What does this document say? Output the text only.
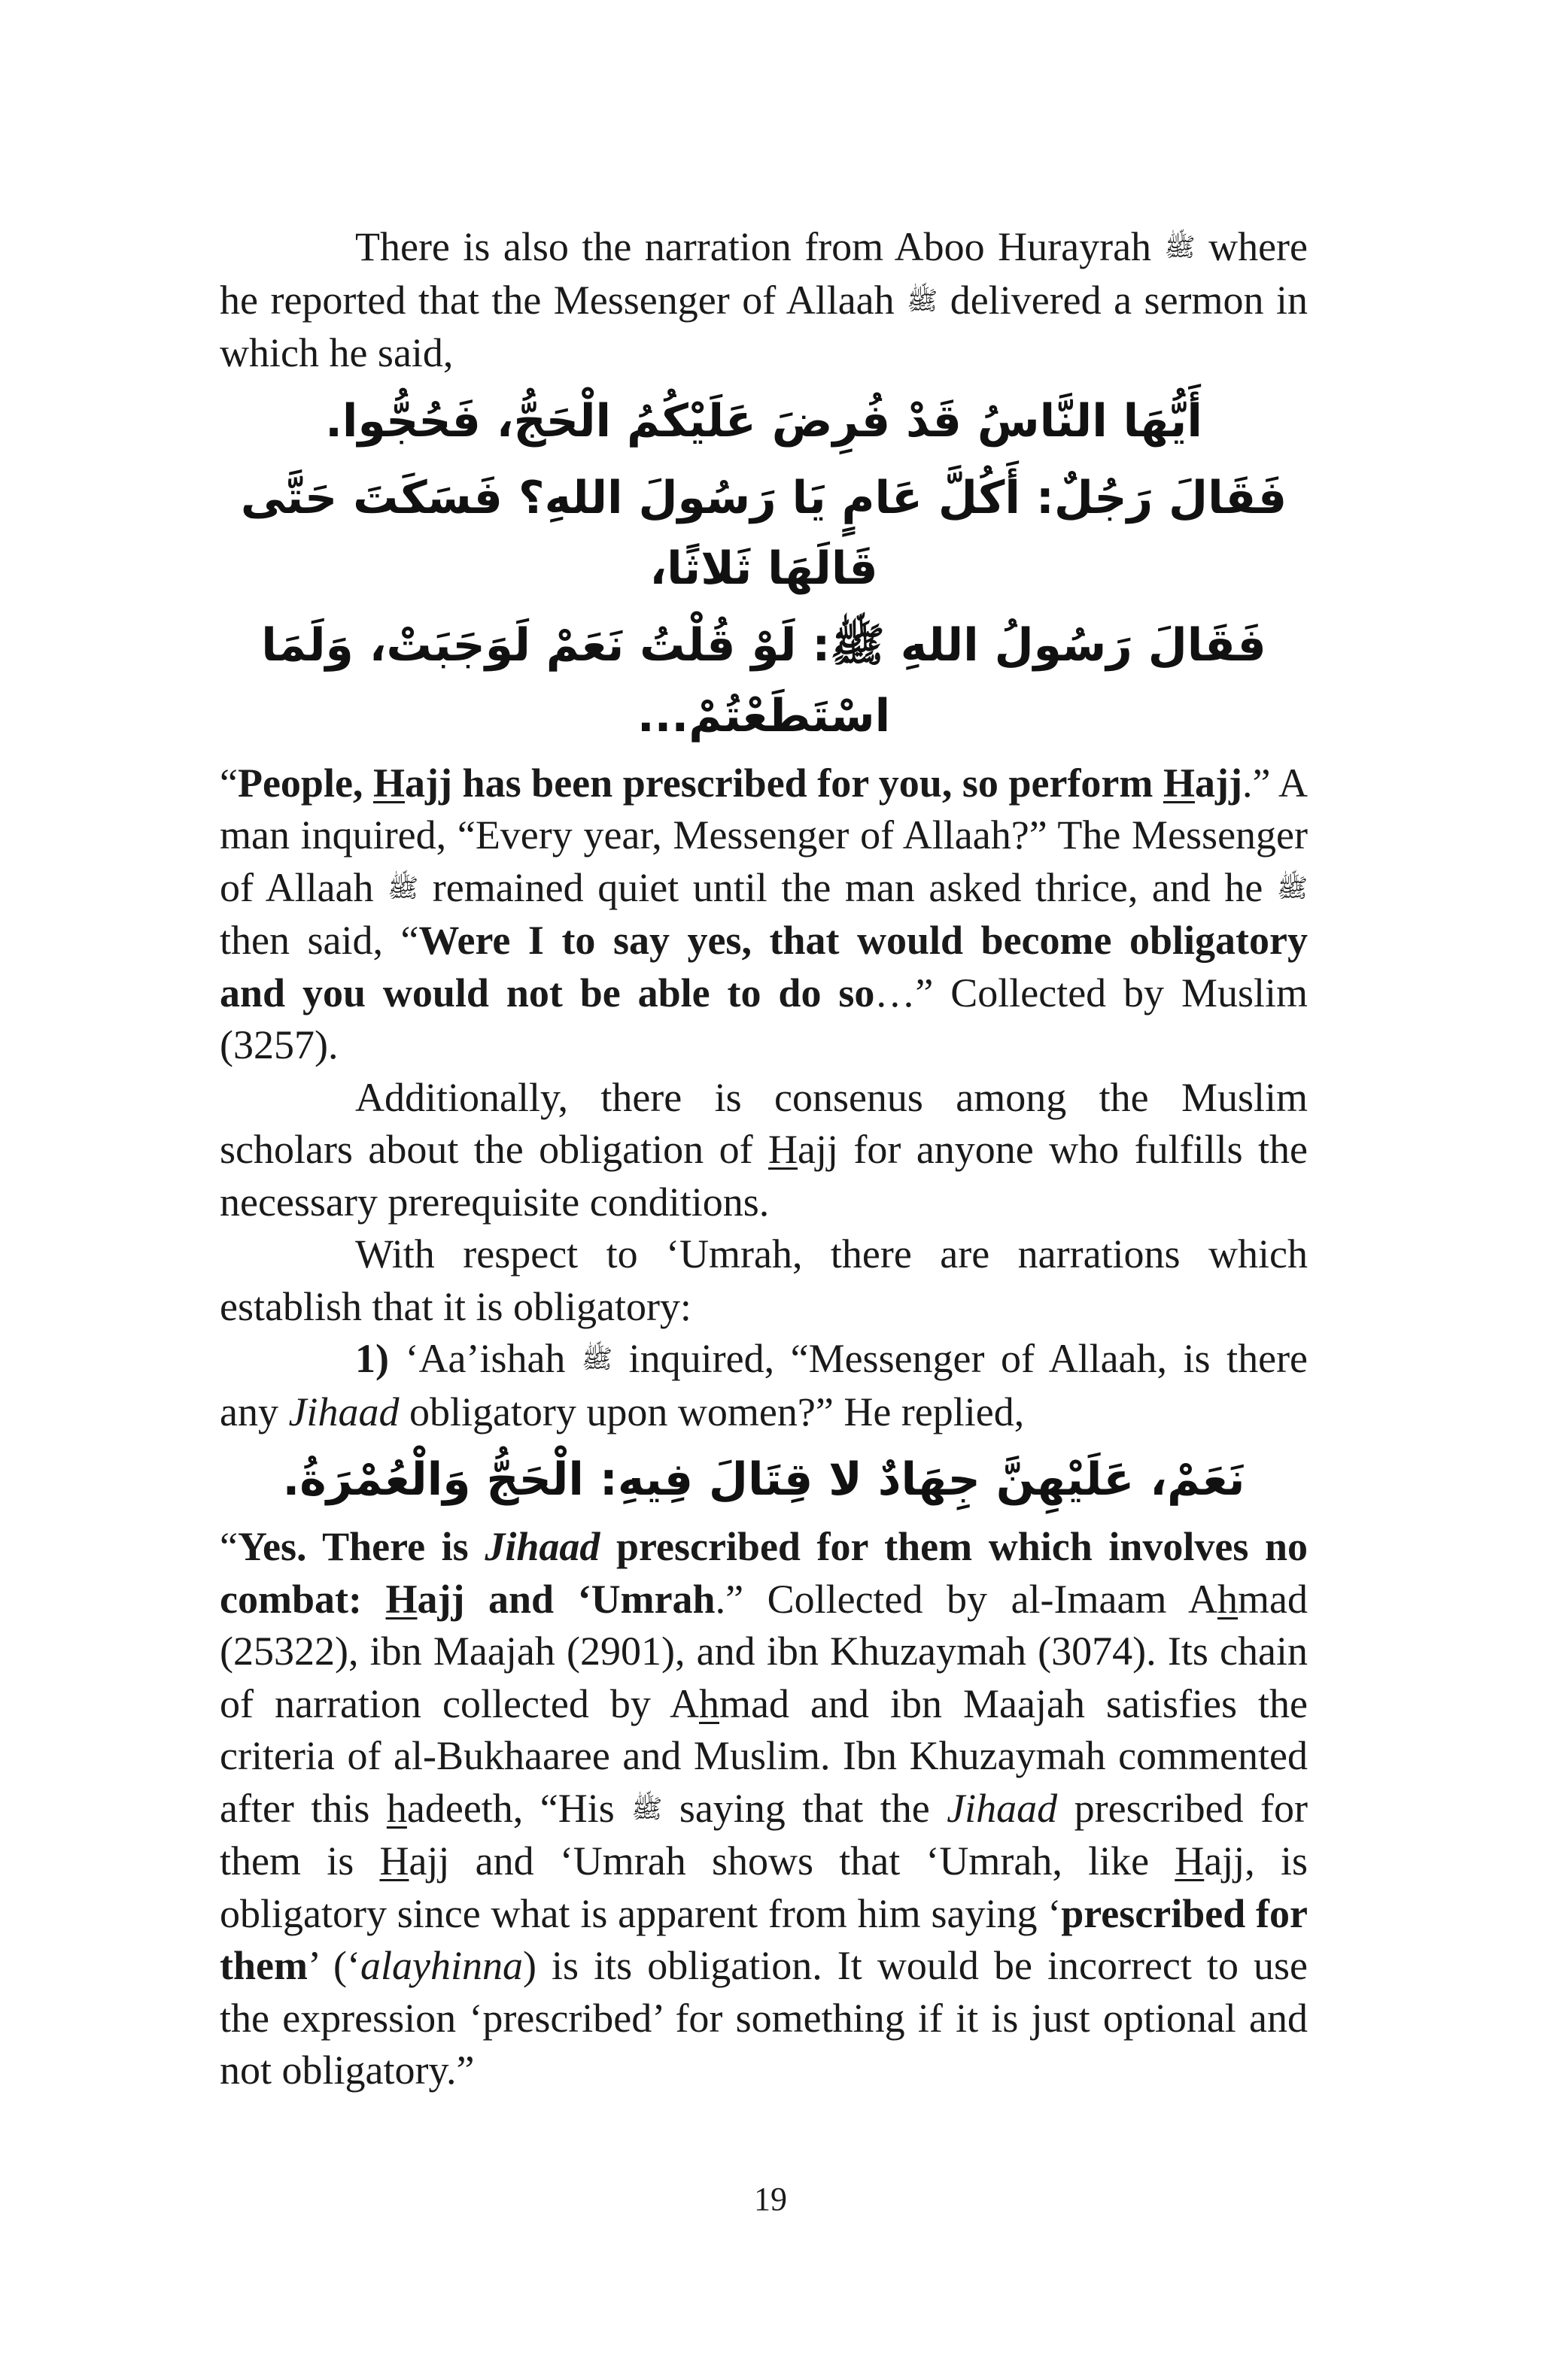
There is also the narration from Aboo Hurayrah ﷺ where he reported that the Messenger of Allaah ﷺ delivered a sermon in which he said,

أَيُّهَا النَّاسُ قَدْ فُرِضَ عَلَيْكُمُ الْحَجُّ، فَحُجُّوا.
فَقَالَ رَجُلٌ: أَكُلَّ عَامٍ يَا رَسُولَ اللهِ؟ فَسَكَتَ حَتَّى قَالَهَا ثَلاثًا،
فَقَالَ رَسُولُ اللهِ ﷺ: لَوْ قُلْتُ نَعَمْ لَوَجَبَتْ، وَلَمَا اسْتَطَعْتُمْ...

“People, Hajj has been prescribed for you, so perform Hajj.” A man inquired, “Every year, Messenger of Allaah?” The Messenger of Allaah ﷺ remained quiet until the man asked thrice, and he ﷺ then said, “Were I to say yes, that would become obligatory and you would not be able to do so…” Collected by Muslim (3257).

Additionally, there is consenus among the Muslim scholars about the obligation of Hajj for anyone who fulfills the necessary prerequisite conditions.

With respect to ‘Umrah, there are narrations which establish that it is obligatory:

1) ‘Aa’ishah ﷺ inquired, “Messenger of Allaah, is there any Jihaad obligatory upon women?” He replied,

نَعَمْ، عَلَيْهِنَّ جِهَادٌ لا قِتَالَ فِيهِ: الْحَجُّ وَالْعُمْرَةُ.

“Yes. There is Jihaad prescribed for them which involves no combat: Hajj and ‘Umrah.” Collected by al-Imaam Ahmad (25322), ibn Maajah (2901), and ibn Khuzaymah (3074). Its chain of narration collected by Ahmad and ibn Maajah satisfies the criteria of al-Bukhaaree and Muslim. Ibn Khuzaymah commented after this hadeeth, “His ﷺ saying that the Jihaad prescribed for them is Hajj and ‘Umrah shows that ‘Umrah, like Hajj, is obligatory since what is apparent from him saying ‘prescribed for them’ (‘alayhinna) is its obligation. It would be incorrect to use the expression ‘prescribed’ for something if it is just optional and not obligatory.”

19
